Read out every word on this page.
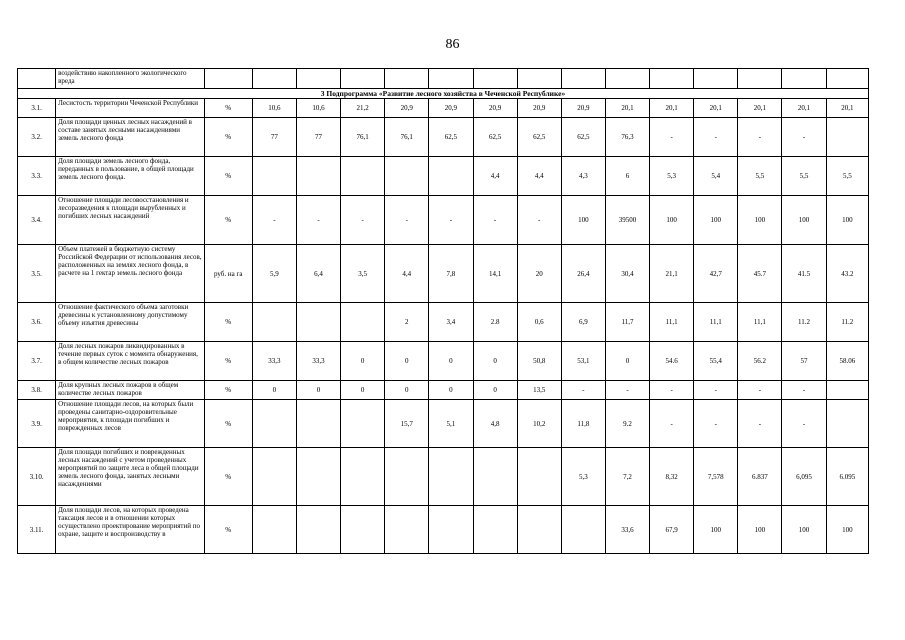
86
	воздействию накопленного экологического вреда															
3 Подпрограмма «Развитие лесного хозяйства в Чеченской Республике»																
3.1.	Лесистость территории Чеченской Республики	%	10,6	10,6	21,2	20,9	20,9	20,9	20,9	20,9	20,1	20,1	20,1	20,1	20,1	20,1
3.2.	Доля площади ценных лесных насаждений в составе занятых лесными насаждениями земель лесного фонда	%	77	77	76,1	76,1	62,5	62,5	62,5	62,5	76,3	-	-	-	-	
3.3.	Доля площади земель лесного фонда, переданных в пользование, в общей площади земель лесного фонда.	%						4,4	4,4	4,3	6	5,3	5,4	5,5	5,5	5,5
3.4.	Отношение площади лесовосстановления и лесоразведения к площади вырубленных и погибших лесных насаждений	%	-	-	-	-	-	-	-	100	39500	100	100	100	100	100
3.5.	Объем платежей в бюджетную систему Российской Федерации от использования лесов, расположенных на землях лесного фонда, в расчете на 1 гектар земель лесного фонда	руб. на га	5,9	6,4	3,5	4,4	7,8	14,1	20	26,4	30,4	21,1	42,7	45.7	41.5	43.2
3.6.	Отношение фактического объема заготовки древесины к установленному допустимому объему изъятия древесины	%				2	3,4	2.8	0,6	6,9	11,7	11,1	11,1	11,1	11.2	11.2
3.7.	Доля лесных пожаров ликвидированных в течение первых суток с момента обнаружения, в общем количестве лесных пожаров	%	33,3	33,3	0	0	0	0	50,8	53,1	0	54.6	55,4	56.2	57	58.06
3.8.	Доля крупных лесных пожаров в общем количестве лесных пожаров	%	0	0	0	0	0	0	13,5	-	-	-	-	-	-	
3.9.	Отношение площади лесов, на которых были проведены санитарно-оздоровительные мероприятия, к площади погибших и поврежденных лесов	%				15,7	5,1	4,8	10,2	11,8	9.2	-	-	-	-	
3.10.	Доля площади погибших и поврежденных лесных насаждений с учетом проведенных мероприятий по защите леса в общей площади земель лесного фонда, занятых лесными насаждениями	%								5,3	7,2	8,32	7,578	6.837	6,095	6.095
3.11.	Доля площади лесов, на которых проведена таксация лесов и в отношении которых осуществлено проектирование мероприятий по охране, защите и воспроизводству в	%									33,6	67,9	100	100	100	100
